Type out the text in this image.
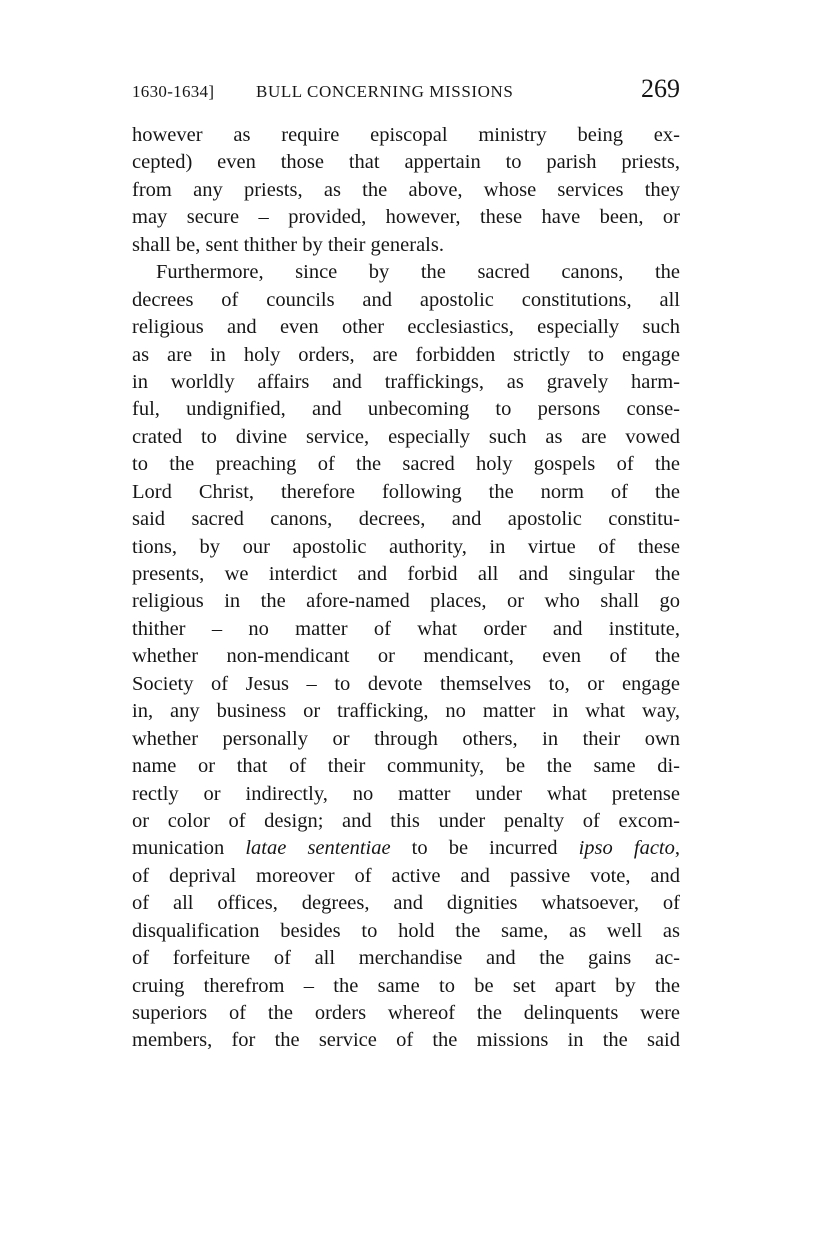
1630-1634] BULL CONCERNING MISSIONS	269
however as require episcopal ministry being ex-
cepted) even those that appertain to parish priests,
from any priests, as the above, whose services they
may secure – provided, however, these have been, or
shall be, sent thither by their generals.
Furthermore, since by the sacred canons, the
decrees of councils and apostolic constitutions, all
religious and even other ecclesiastics, especially such
as are in holy orders, are forbidden strictly to engage
in worldly affairs and traffickings, as gravely harm-
ful, undignified, and unbecoming to persons conse-
crated to divine service, especially such as are vowed
to the preaching of the sacred holy gospels of the
Lord Christ, therefore following the norm of the
said sacred canons, decrees, and apostolic constitu-
tions, by our apostolic authority, in virtue of these
presents, we interdict and forbid all and singular the
religious in the afore-named places, or who shall go
thither – no matter of what order and institute,
whether non-mendicant or mendicant, even of the
Society of Jesus – to devote themselves to, or engage
in, any business or trafficking, no matter in what way,
whether personally or through others, in their own
name or that of their community, be the same di-
rectly or indirectly, no matter under what pretense
or color of design; and this under penalty of excom-
munication latae sententiae to be incurred ipso facto,
of deprival moreover of active and passive vote, and
of all offices, degrees, and dignities whatsoever, of
disqualification besides to hold the same, as well as
of forfeiture of all merchandise and the gains ac-
cruing therefrom – the same to be set apart by the
superiors of the orders whereof the delinquents were
members, for the service of the missions in the said
